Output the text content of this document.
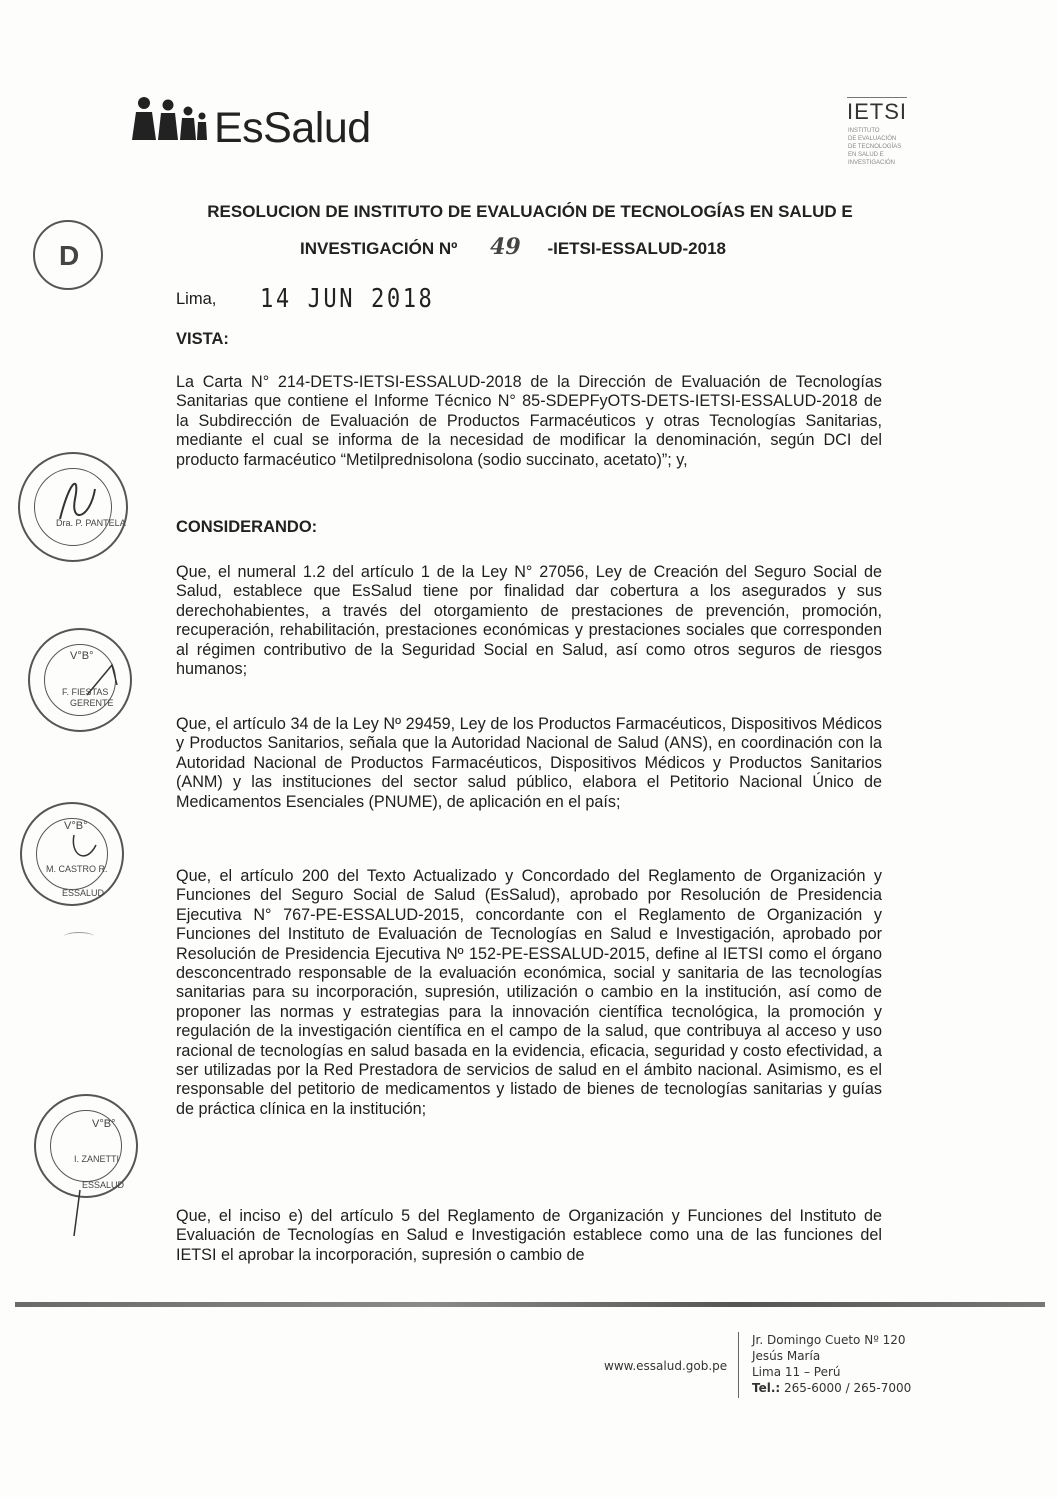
EsSalud	IETSI
INSTITUTO
DE EVALUACIÓN
DE TECNOLOGÍAS
EN SALUD E
INVESTIGACIÓN
RESOLUCION DE INSTITUTO DE EVALUACIÓN DE TECNOLOGÍAS EN SALUD E
INVESTIGACIÓN Nº 49 -IETSI-ESSALUD-2018
Lima, 14 JUN 2018
VISTA:
La Carta N° 214-DETS-IETSI-ESSALUD-2018 de la Dirección de Evaluación de Tecnologías Sanitarias que contiene el Informe Técnico N° 85-SDEPFyOTS-DETS-IETSI-ESSALUD-2018 de la Subdirección de Evaluación de Productos Farmacéuticos y otras Tecnologías Sanitarias, mediante el cual se informa de la necesidad de modificar la denominación, según DCI del producto farmacéutico “Metilprednisolona (sodio succinato, acetato)”; y,
CONSIDERANDO:
Que, el numeral 1.2 del artículo 1 de la Ley N° 27056, Ley de Creación del Seguro Social de Salud, establece que EsSalud tiene por finalidad dar cobertura a los asegurados y sus derechohabientes, a través del otorgamiento de prestaciones de prevención, promoción, recuperación, rehabilitación, prestaciones económicas y prestaciones sociales que corresponden al régimen contributivo de la Seguridad Social en Salud, así como otros seguros de riesgos humanos;
Que, el artículo 34 de la Ley Nº 29459, Ley de los Productos Farmacéuticos, Dispositivos Médicos y Productos Sanitarios, señala que la Autoridad Nacional de Salud (ANS), en coordinación con la Autoridad Nacional de Productos Farmacéuticos, Dispositivos Médicos y Productos Sanitarios (ANM) y las instituciones del sector salud público, elabora el Petitorio Nacional Único de Medicamentos Esenciales (PNUME), de aplicación en el país;
Que, el artículo 200 del Texto Actualizado y Concordado del Reglamento de Organización y Funciones del Seguro Social de Salud (EsSalud), aprobado por Resolución de Presidencia Ejecutiva N° 767-PE-ESSALUD-2015, concordante con el Reglamento de Organización y Funciones del Instituto de Evaluación de Tecnologías en Salud e Investigación, aprobado por Resolución de Presidencia Ejecutiva Nº 152-PE-ESSALUD-2015, define al IETSI como el órgano desconcentrado responsable de la evaluación económica, social y sanitaria de las tecnologías sanitarias para su incorporación, supresión, utilización o cambio en la institución, así como de proponer las normas y estrategias para la innovación científica tecnológica, la promoción y regulación de la investigación científica en el campo de la salud, que contribuya al acceso y uso racional de tecnologías en salud basada en la evidencia, eficacia, seguridad y costo efectividad, a ser utilizadas por la Red Prestadora de servicios de salud en el ámbito nacional. Asimismo, es el responsable del petitorio de medicamentos y listado de bienes de tecnologías sanitarias y guías de práctica clínica en la institución;
Que, el inciso e) del artículo 5 del Reglamento de Organización y Funciones del Instituto de Evaluación de Tecnologías en Salud e Investigación establece como una de las funciones del IETSI el aprobar la incorporación, supresión o cambio de
D
Dra. P. PANTELA
V°B°
F. FIESTAS
GERENTE
V°B°
M. CASTRO R.
ESSALUD
V°B°
I. ZANETTI
ESSALUD
www.essalud.gob.pe
Jr. Domingo Cueto Nº 120
Jesús María
Lima 11 – Perú
Tel.: 265-6000 / 265-7000
